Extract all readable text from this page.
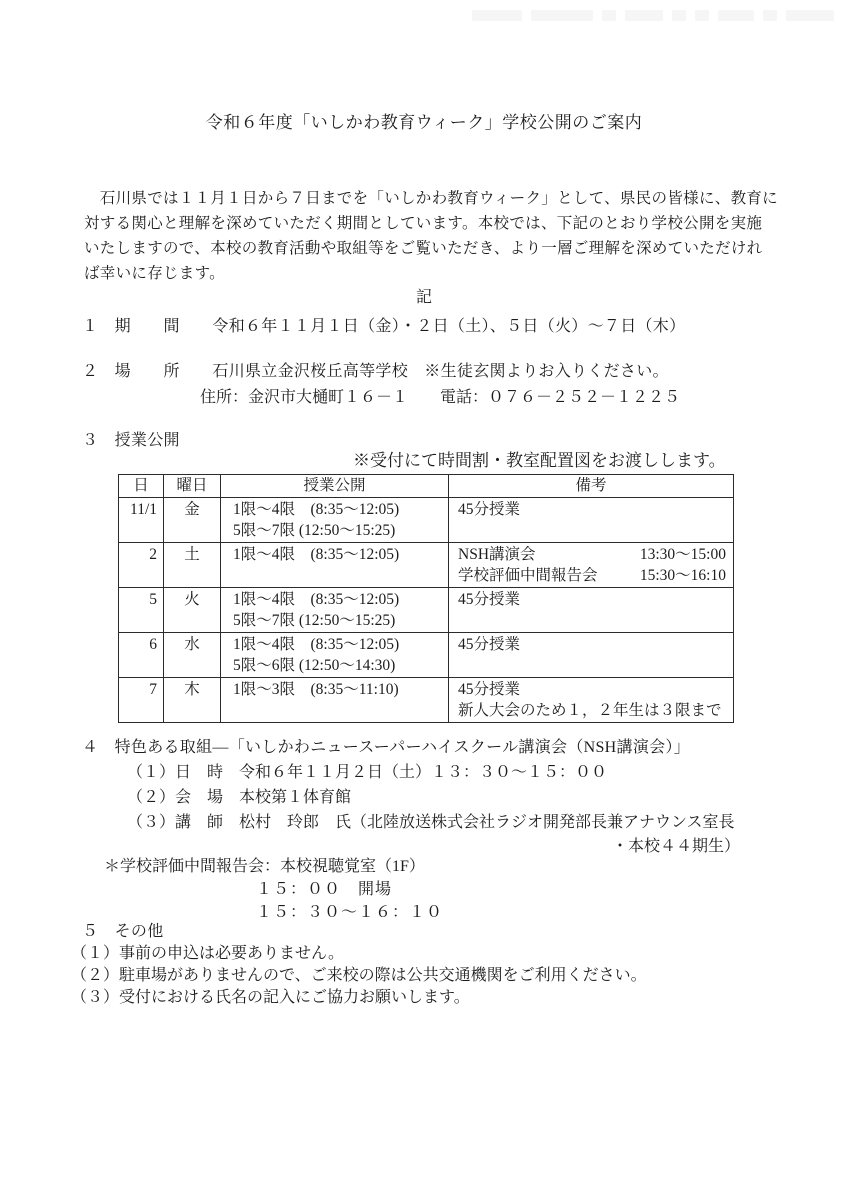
令和６年度「いしかわ教育ウィーク」学校公開のご案内
　石川県では１１月１日から７日までを「いしかわ教育ウィーク」として、県民の皆様に、教育に
対する関心と理解を深めていただく期間としています。本校では、下記のとおり学校公開を実施
いたしますので、本校の教育活動や取組等をご覧いただき、より一層ご理解を深めていただけれ
ば幸いに存じます。
記
１　期　　間　　令和６年１１月１日（金）・２日（土）、５日（火）～７日（木）
２　場　　所　　石川県立金沢桜丘高等学校　※生徒玄関よりお入りください。
住所：金沢市大樋町１６－１　　電話：０７６－２５２－１２２５
３　授業公開
※受付にて時間割・教室配置図をお渡しします。
日	曜日	授業公開	備考
11/1	金	1限～4限　(8:35～12:05)
5限～7限 (12:50～15:25)	45分授業

2	土	1限～4限　(8:35～12:05)	NSH講演会 13:30～15:00
学校評価中間報告会 15:30～16:10

5	火	1限～4限　(8:35～12:05)
5限～7限 (12:50～15:25)	45分授業

6	水	1限～4限　(8:35～12:05)
5限～6限 (12:50～14:30)	45分授業

7	木	1限～3限　(8:35～11:10)	45分授業
新人大会のため１，２年生は３限まで
４　特色ある取組―「いしかわニュースーパーハイスクール講演会（NSH講演会）」
（１）日　時　令和６年１１月２日（土）１３：３０～１５：００
（２）会　場　本校第１体育館
（３）講　師　松村　玲郎　氏（北陸放送株式会社ラジオ開発部長兼アナウンス室長
・本校４４期生）
＊学校評価中間報告会：本校視聴覚室（1F）
１５：００　開場
１５：３０～１６：１０
５　その他
（１）事前の申込は必要ありません。
（２）駐車場がありませんので、ご来校の際は公共交通機関をご利用ください。
（３）受付における氏名の記入にご協力お願いします。
